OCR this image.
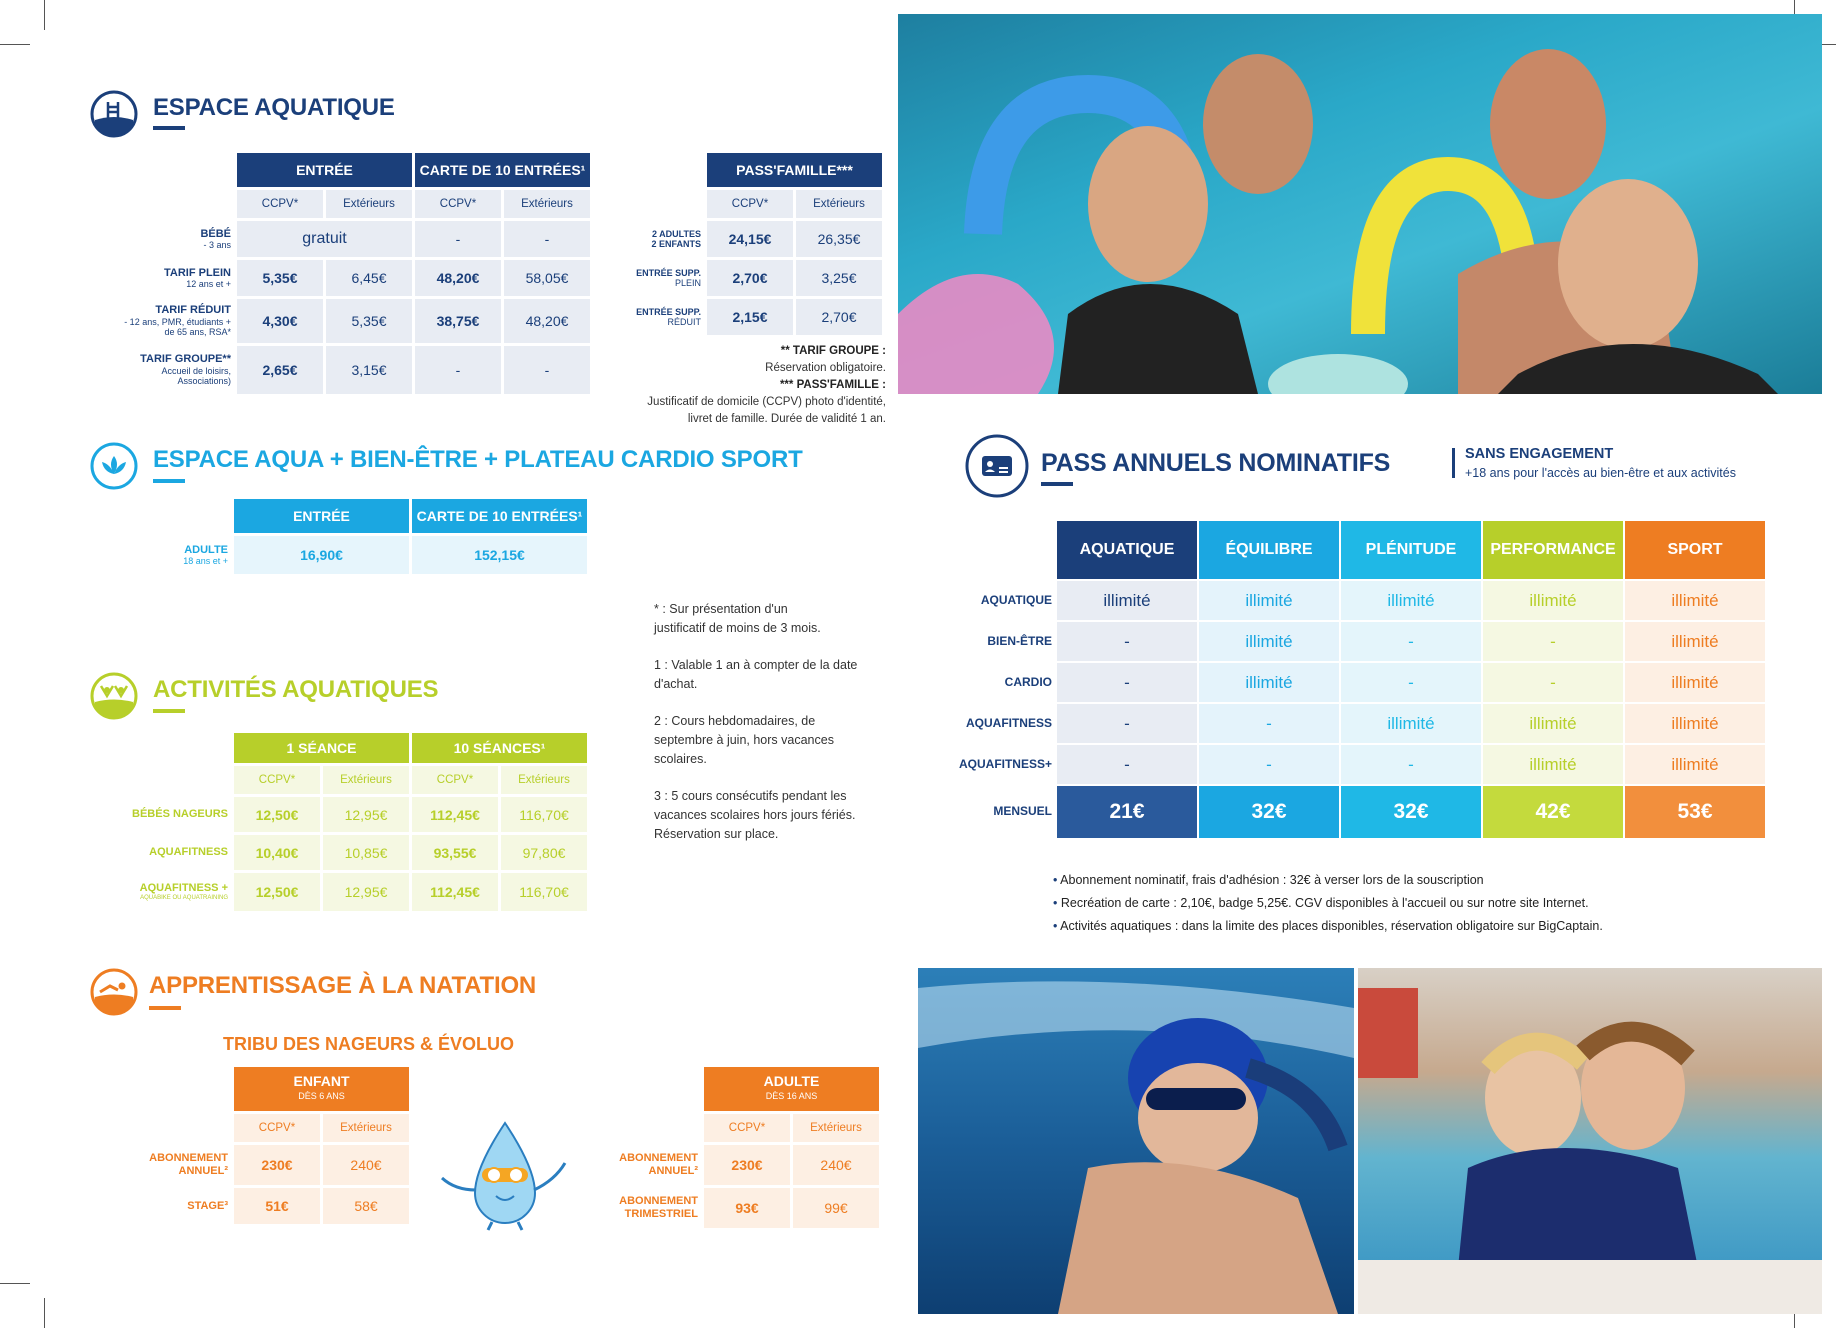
ESPACE AQUATIQUE
	ENTRÉE		CARTE DE 10 ENTRÉES¹	
	CCPV*	Extérieurs	CCPV*	Extérieurs
BÉBÉ
- 3 ans	gratuit		-	-
TARIF PLEIN
12 ans et +	5,35€	6,45€	48,20€	58,05€
TARIF RÉDUIT
- 12 ans, PMR, étudiants + de 65 ans, RSA*	4,30€	5,35€	38,75€	48,20€
TARIF GROUPE**
Accueil de loisirs, Associations)	2,65€	3,15€	-	-
	PASS'FAMILLE***	
	CCPV*	Extérieurs
2 ADULTES
2 ENFANTS	24,15€	26,35€
ENTRÉE SUPP.
PLEIN	2,70€	3,25€
ENTRÉE SUPP.
RÉDUIT	2,15€	2,70€
** TARIF GROUPE :
Réservation obligatoire.
*** PASS'FAMILLE :
Justificatif de domicile (CCPV) photo d'identité,
livret de famille. Durée de validité 1 an.
ESPACE AQUA + BIEN-ÊTRE + PLATEAU CARDIO SPORT
	ENTRÉE	CARTE DE 10 ENTRÉES¹
ADULTE
18 ans et +	16,90€	152,15€
ACTIVITÉS AQUATIQUES
	1 SÉANCE		10 SÉANCES¹	
	CCPV*	Extérieurs	CCPV*	Extérieurs
BÉBÉS NAGEURS	12,50€	12,95€	112,45€	116,70€
AQUAFITNESS	10,40€	10,85€	93,55€	97,80€
AQUAFITNESS +
AQUABIKE OU AQUATRAINING	12,50€	12,95€	112,45€	116,70€
* : Sur présentation d'un
justificatif de moins de 3 mois.
1 : Valable 1 an à compter de la date
d'achat.
2 : Cours hebdomadaires, de
septembre à juin, hors vacances
scolaires.
3 : 5 cours consécutifs pendant les
vacances scolaires hors jours fériés.
Réservation sur place.
APPRENTISSAGE À LA NATATION
TRIBU DES NAGEURS & ÉVOLUO
	ENFANT
DÈS 6 ANS	
	CCPV*	Extérieurs
ABONNEMENT
ANNUEL²	230€	240€
STAGE³	51€	58€
	ADULTE
DÈS 16 ANS	
	CCPV*	Extérieurs
ABONNEMENT
ANNUEL²	230€	240€
ABONNEMENT
TRIMESTRIEL	93€	99€
PASS ANNUELS NOMINATIFS	SANS ENGAGEMENT
+18 ans pour l'accès au bien-être et aux activités
	AQUATIQUE	ÉQUILIBRE	PLÉNITUDE	PERFORMANCE	SPORT
AQUATIQUE	illimité	illimité	illimité	illimité	illimité
BIEN-ÊTRE	-	illimité	-	-	illimité
CARDIO	-	illimité	-	-	illimité
AQUAFITNESS	-	-	illimité	illimité	illimité
AQUAFITNESS+	-	-	-	illimité	illimité
MENSUEL	21€	32€	32€	42€	53€
• Abonnement nominatif, frais d'adhésion : 32€ à verser lors de la souscription
• Recréation de carte : 2,10€, badge 5,25€. CGV disponibles à l'accueil ou sur notre site Internet.
• Activités aquatiques : dans la limite des places disponibles, réservation obligatoire sur BigCaptain.
